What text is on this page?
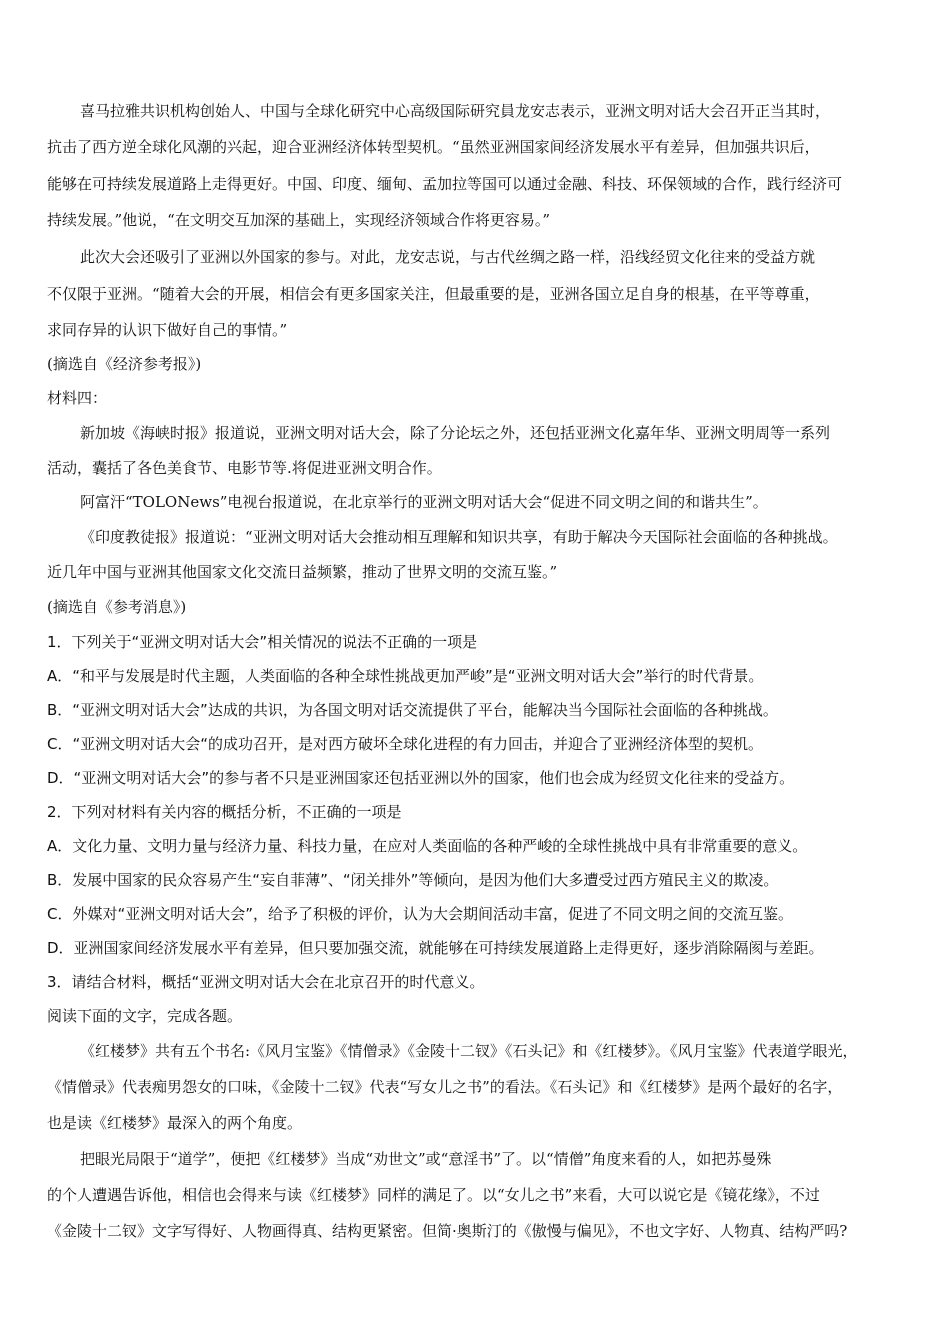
喜马拉雅共识机构创始人、中国与全球化研究中心高级国际研究員龙安志表示，亚洲文明对话大会召开正当其时，
抗击了西方逆全球化风潮的兴起，迎合亚洲经济体转型契机。“虽然亚洲国家间经济发展水平有差异，但加强共识后，
能够在可持续发展道路上走得更好。中国、印度、缅甸、孟加拉等国可以通过金融、科技、环保领域的合作，践行经济可
持续发展。”他说，“在文明交互加深的基础上，实现经济领域合作将更容易。”
此次大会还吸引了亚洲以外国家的参与。对此，龙安志说，与古代丝绸之路一样，沿线经贸文化往来的受益方就
不仅限于亚洲。“随着大会的开展，相信会有更多国家关注，但最重要的是，亚洲各国立足自身的根基，在平等尊重，
求同存异的认识下做好自己的事情。”
(摘选自《经济参考报》)
材料四：
新加坡《海峡时报》报道说，亚洲文明对话大会，除了分论坛之外，还包括亚洲文化嘉年华、亚洲文明周等一系列
活动，囊括了各色美食节、电影节等.将促进亚洲文明合作。
阿富汗“TOLONews”电视台报道说，在北京举行的亚洲文明对话大会“促进不同文明之间的和谐共生”。
《印度教徒报》报道说：“亚洲文明对话大会推动相互理解和知识共享，有助于解决今天国际社会面临的各种挑战。
近几年中国与亚洲其他国家文化交流日益频繁，推动了世界文明的交流互鉴。”
(摘选自《参考消息》)
1．下列关于“亚洲文明对话大会”相关情况的说法不正确的一项是
A．“和平与发展是时代主题，人类面临的各种全球性挑战更加严峻”是“亚洲文明对话大会”举行的时代背景。
B．“亚洲文明对话大会”达成的共识，为各国文明对话交流提供了平台，能解决当今国际社会面临的各种挑战。
C．“亚洲文明对话大会“的成功召开，是对西方破坏全球化进程的有力回击，并迎合了亚洲经济体型的契机。
D．“亚洲文明对话大会”的参与者不只是亚洲国家还包括亚洲以外的国家，他们也会成为经贸文化往来的受益方。
2．下列对材料有关内容的概括分析，不正确的一项是
A．文化力量、文明力量与经济力量、科技力量，在应对人类面临的各种严峻的全球性挑战中具有非常重要的意义。
B．发展中国家的民众容易产生“妄自菲薄”、“闭关排外”等倾向，是因为他们大多遭受过西方殖民主义的欺凌。
C．外媒对“亚洲文明对话大会”，给予了积极的评价，认为大会期间活动丰富，促进了不同文明之间的交流互鉴。
D．亚洲国家间经济发展水平有差异，但只要加强交流，就能够在可持续发展道路上走得更好，逐步消除隔阂与差距。
3．请结合材料，概括“亚洲文明对话大会在北京召开的时代意义。
阅读下面的文字，完成各题。
《红楼梦》共有五个书名:《风月宝鉴》《情僧录》《金陵十二钗》《石头记》和《红楼梦》。《风月宝鉴》代表道学眼光，
《情僧录》代表痴男怨女的口味，《金陵十二钗》代表“写女儿之书”的看法。《石头记》和《红楼梦》是两个最好的名字，
也是读《红楼梦》最深入的两个角度。
把眼光局限于“道学”，便把《红楼梦》当成“劝世文”或“意淫书”了。以“情僧”角度来看的人，如把苏曼殊
的个人遭遇告诉他，相信也会得来与读《红楼梦》同样的满足了。以“女儿之书”来看，大可以说它是《镜花缘》，不过
《金陵十二钗》文字写得好、人物画得真、结构更紧密。但简·奥斯汀的《傲慢与偏见》，不也文字好、人物真、结构严吗?
